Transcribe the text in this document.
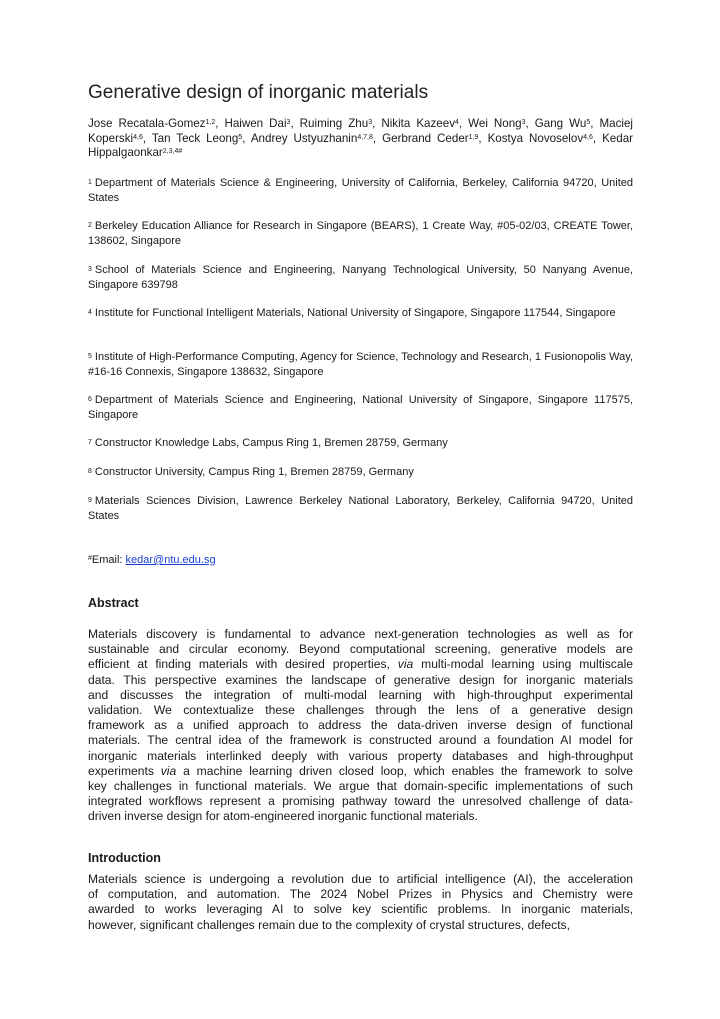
Generative design of inorganic materials
Jose Recatala-Gomez$^{1,2}$, Haiwen Dai$^3$, Ruiming Zhu$^3$, Nikita Kazeev$^4$, Wei Nong$^3$, Gang Wu$^5$, Maciej Koperski$^{4,6}$, Tan Teck Leong$^5$, Andrey Ustyuzhanin$^{4,7,8}$, Gerbrand Ceder$^{1,9}$, Kostya Novoselov$^{4,6}$, Kedar Hippalgaonkar$^{2,3,4\#}$
$^1$ Department of Materials Science & Engineering, University of California, Berkeley, California 94720, United States
$^2$ Berkeley Education Alliance for Research in Singapore (BEARS), 1 Create Way, #05-02/03, CREATE Tower, 138602, Singapore
$^3$ School of Materials Science and Engineering, Nanyang Technological University, 50 Nanyang Avenue, Singapore 639798
$^4$ Institute for Functional Intelligent Materials, National University of Singapore, Singapore 117544, Singapore
$^5$ Institute of High-Performance Computing, Agency for Science, Technology and Research, 1 Fusionopolis Way, #16-16 Connexis, Singapore 138632, Singapore
$^6$ Department of Materials Science and Engineering, National University of Singapore, Singapore 117575, Singapore
$^7$ Constructor Knowledge Labs, Campus Ring 1, Bremen 28759, Germany
$^8$ Constructor University, Campus Ring 1, Bremen 28759, Germany
$^9$ Materials Sciences Division, Lawrence Berkeley National Laboratory, Berkeley, California 94720, United States
#Email: kedar@ntu.edu.sg
Abstract
Materials discovery is fundamental to advance next-generation technologies as well as for
sustainable and circular economy. Beyond computational screening, generative models are
efficient at finding materials with desired properties, via multi-modal learning using multiscale
data. This perspective examines the landscape of generative design for inorganic materials
and discusses the integration of multi-modal learning with high-throughput experimental
validation. We contextualize these challenges through the lens of a generative design
framework as a unified approach to address the data-driven inverse design of functional
materials. The central idea of the framework is constructed around a foundation AI model for
inorganic materials interlinked deeply with various property databases and high-throughput
experiments via a machine learning driven closed loop, which enables the framework to solve
key challenges in functional materials. We argue that domain-specific implementations of such
integrated workflows represent a promising pathway toward the unresolved challenge of data-
driven inverse design for atom-engineered inorganic functional materials.
Introduction
Materials science is undergoing a revolution due to artificial intelligence (AI), the acceleration
of computation, and automation. The 2024 Nobel Prizes in Physics and Chemistry were
awarded to works leveraging AI to solve key scientific problems. In inorganic materials,
however, significant challenges remain due to the complexity of crystal structures, defects,
